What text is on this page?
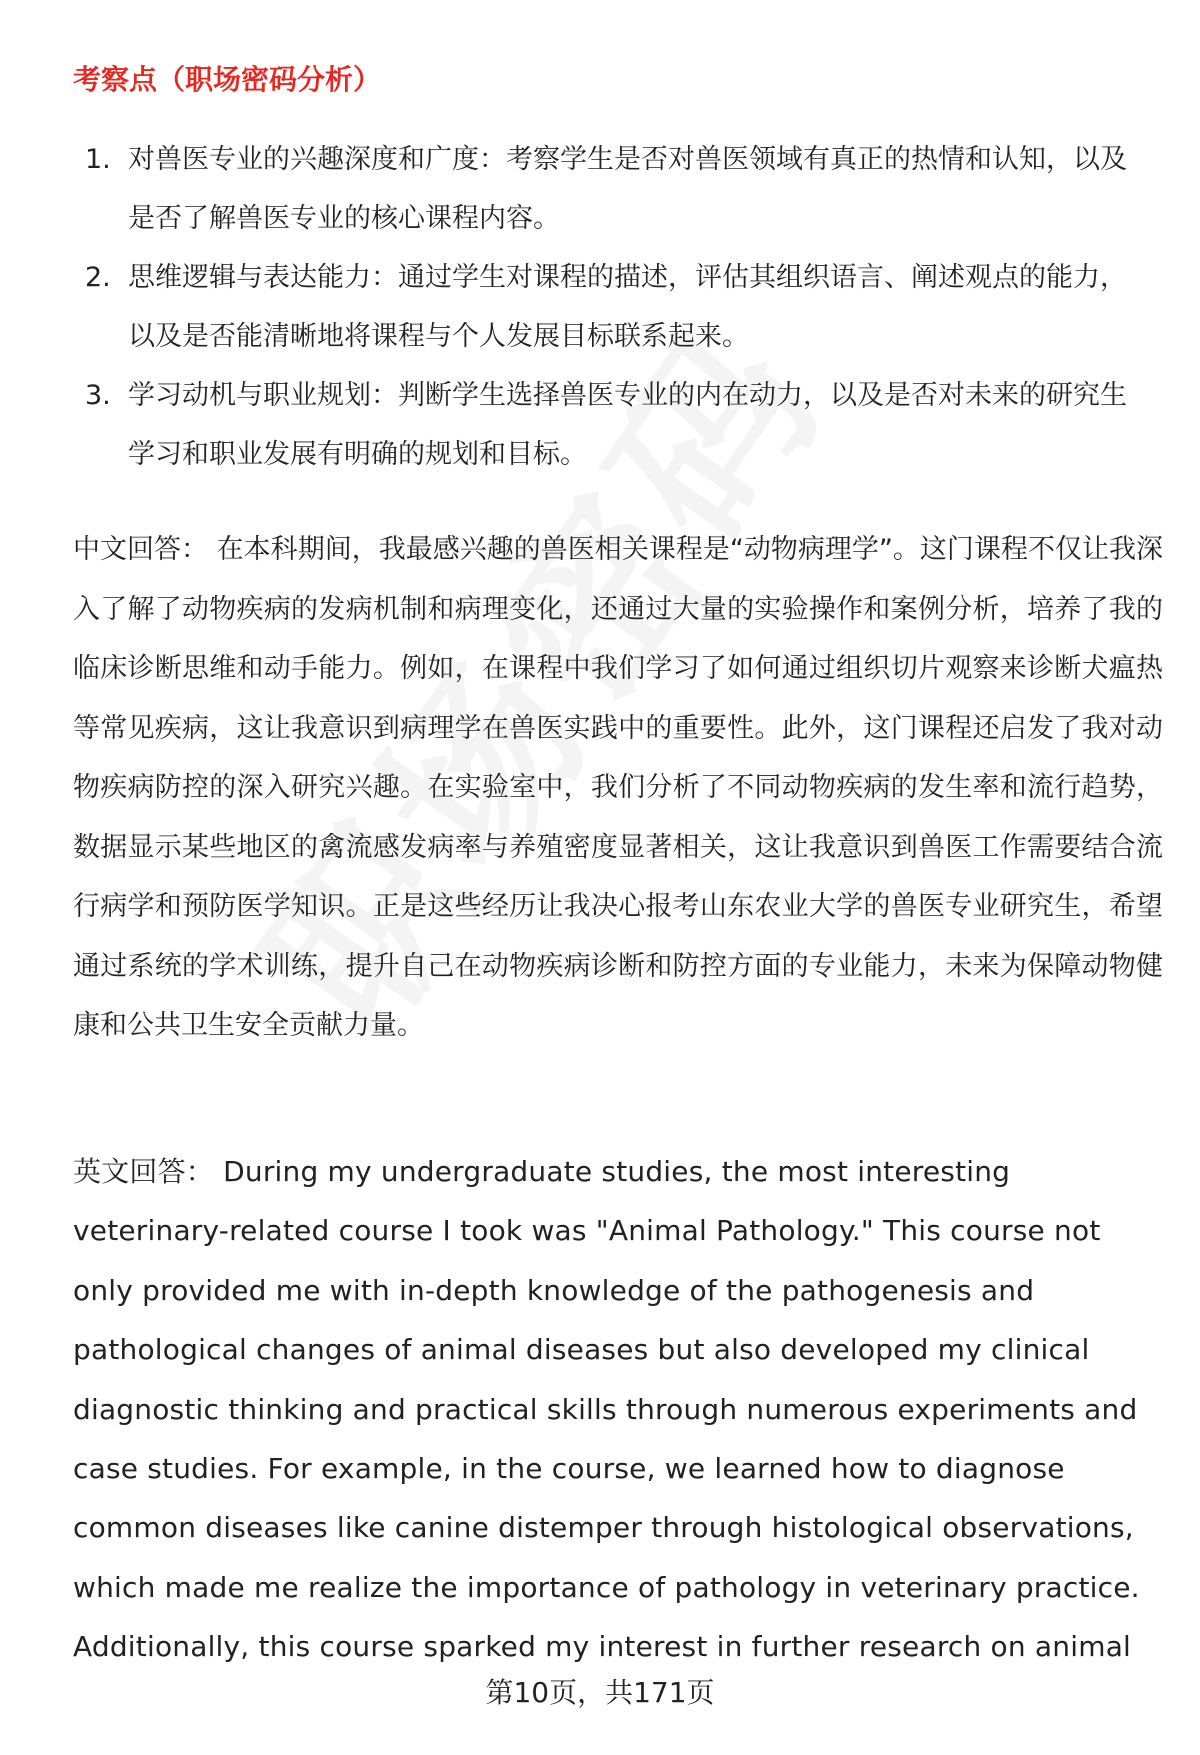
考察点（职场密码分析）
1. 对兽医专业的兴趣深度和广度：考察学生是否对兽医领域有真正的热情和认知，以及是否了解兽医专业的核心课程内容。
2. 思维逻辑与表达能力：通过学生对课程的描述，评估其组织语言、阐述观点的能力，以及是否能清晰地将课程与个人发展目标联系起来。
3. 学习动机与职业规划：判断学生选择兽医专业的内在动力，以及是否对未来的研究生学习和职业发展有明确的规划和目标。

中文回答： 在本科期间，我最感兴趣的兽医相关课程是“动物病理学”。这门课程不仅让我深入了解了动物疾病的发病机制和病理变化，还通过大量的实验操作和案例分析，培养了我的临床诊断思维和动手能力。例如，在课程中我们学习了如何通过组织切片观察来诊断犬瘟热等常见疾病，这让我意识到病理学在兽医实践中的重要性。此外，这门课程还启发了我对动物疾病防控的深入研究兴趣。在实验室中，我们分析了不同动物疾病的发生率和流行趋势，数据显示某些地区的禽流感发病率与养殖密度显著相关，这让我意识到兽医工作需要结合流行病学和预防医学知识。正是这些经历让我决心报考山东农业大学的兽医专业研究生，希望通过系统的学术训练，提升自己在动物疾病诊断和防控方面的专业能力，未来为保障动物健康和公共卫生安全贡献力量。

英文回答： During my undergraduate studies, the most interesting veterinary-related course I took was "Animal Pathology." This course not only provided me with in-depth knowledge of the pathogenesis and pathological changes of animal diseases but also developed my clinical diagnostic thinking and practical skills through numerous experiments and case studies. For example, in the course, we learned how to diagnose common diseases like canine distemper through histological observations, which made me realize the importance of pathology in veterinary practice. Additionally, this course sparked my interest in further research on animal

第10页，共171页
